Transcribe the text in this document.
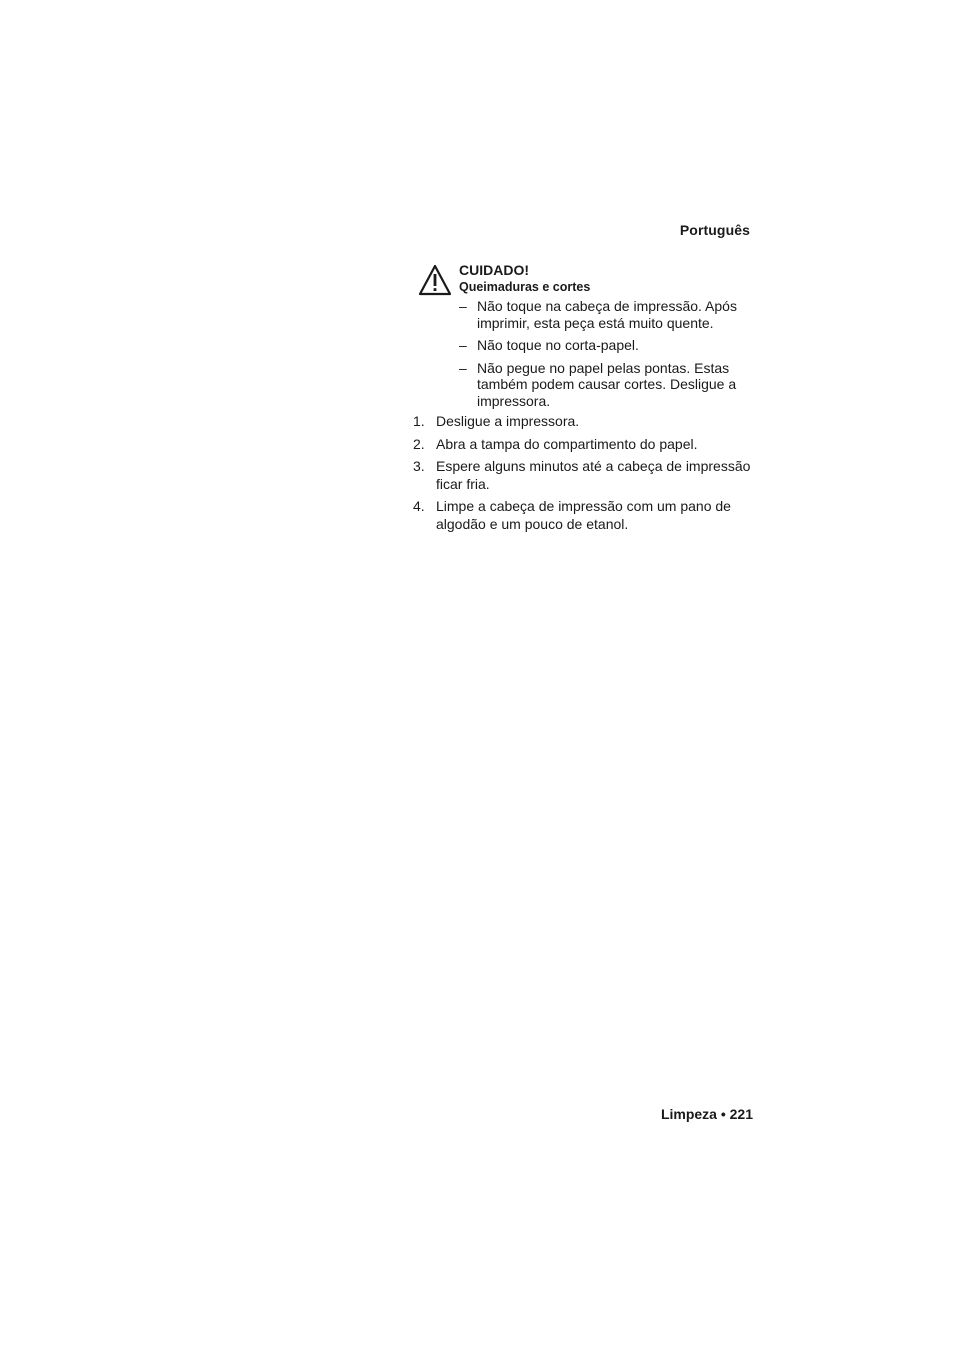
Português
CUIDADO!
Queimaduras e cortes
– Não toque na cabeça de impressão. Após imprimir, esta peça está muito quente.
– Não toque no corta-papel.
– Não pegue no papel pelas pontas. Estas também podem causar cortes. Desligue a impressora.
1. Desligue a impressora.
2. Abra a tampa do compartimento do papel.
3. Espere alguns minutos até a cabeça de impressão ficar fria.
4. Limpe a cabeça de impressão com um pano de algodão e um pouco de etanol.
Limpeza • 221
